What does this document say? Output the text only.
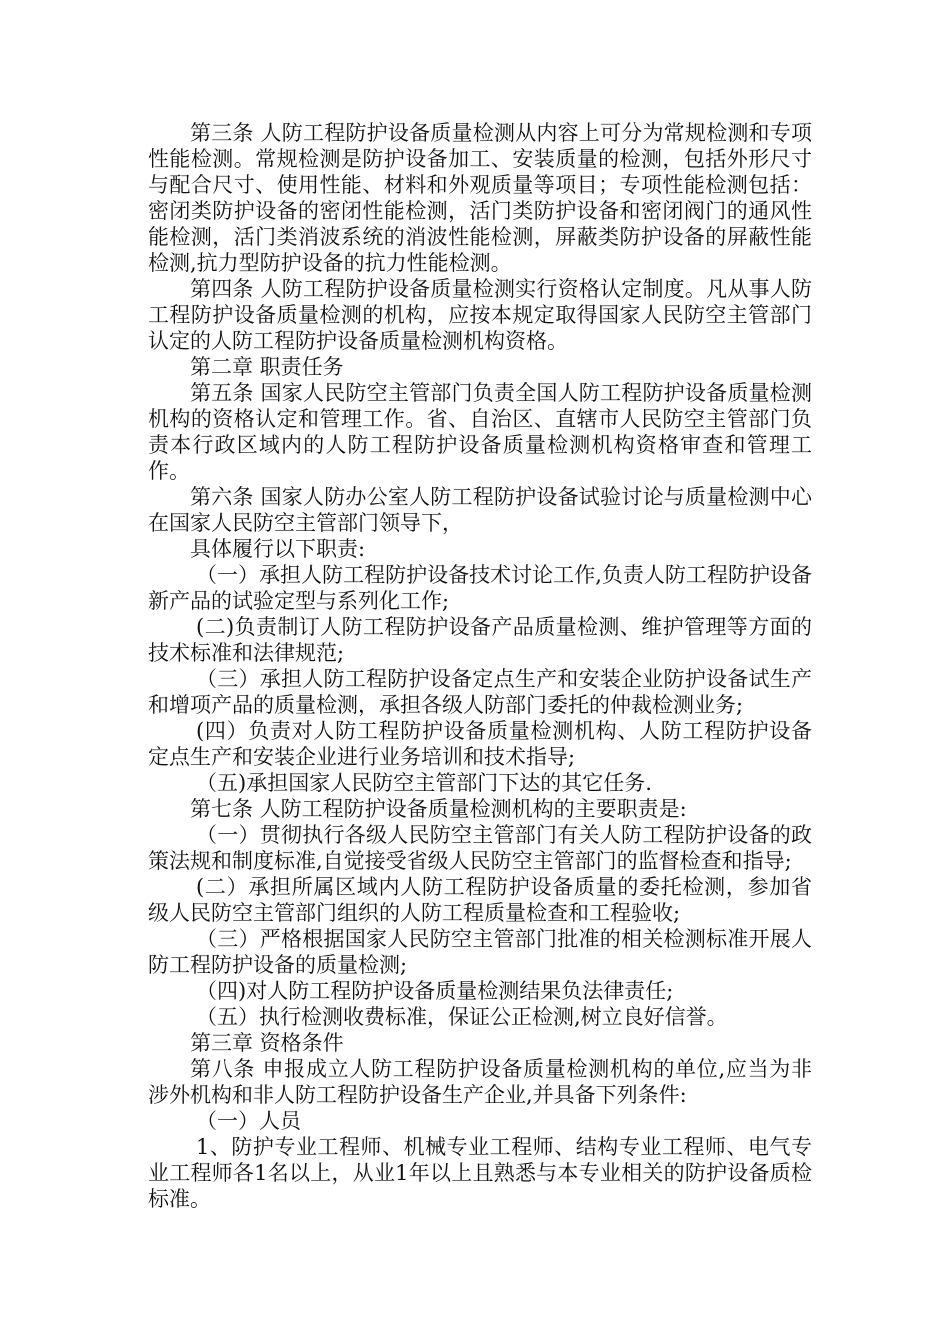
第三条 人防工程防护设备质量检测从内容上可分为常规检测和专项性能检测。常规检测是防护设备加工、安装质量的检测，包括外形尺寸与配合尺寸、使用性能、材料和外观质量等项目；专项性能检测包括：密闭类防护设备的密闭性能检测，活门类防护设备和密闭阀门的通风性能检测，活门类消波系统的消波性能检测，屏蔽类防护设备的屏蔽性能检测,抗力型防护设备的抗力性能检测。

第四条 人防工程防护设备质量检测实行资格认定制度。凡从事人防工程防护设备质量检测的机构，应按本规定取得国家人民防空主管部门认定的人防工程防护设备质量检测机构资格。

第二章 职责任务

第五条 国家人民防空主管部门负责全国人防工程防护设备质量检测机构的资格认定和管理工作。省、自治区、直辖市人民防空主管部门负责本行政区域内的人防工程防护设备质量检测机构资格审查和管理工作。

第六条 国家人防办公室人防工程防护设备试验讨论与质量检测中心在国家人民防空主管部门领导下，

具体履行以下职责:

（一）承担人防工程防护设备技术讨论工作,负责人防工程防护设备新产品的试验定型与系列化工作;

(二)负责制订人防工程防护设备产品质量检测、维护管理等方面的技术标准和法律规范;

（三）承担人防工程防护设备定点生产和安装企业防护设备试生产和增项产品的质量检测，承担各级人防部门委托的仲裁检测业务;

(四）负责对人防工程防护设备质量检测机构、人防工程防护设备定点生产和安装企业进行业务培训和技术指导;

（五)承担国家人民防空主管部门下达的其它任务.

第七条 人防工程防护设备质量检测机构的主要职责是:

（一）贯彻执行各级人民防空主管部门有关人防工程防护设备的政策法规和制度标准,自觉接受省级人民防空主管部门的监督检查和指导;

(二）承担所属区域内人防工程防护设备质量的委托检测，参加省级人民防空主管部门组织的人防工程质量检查和工程验收;

（三）严格根据国家人民防空主管部门批准的相关检测标准开展人防工程防护设备的质量检测;

（四)对人防工程防护设备质量检测结果负法律责任;

（五）执行检测收费标准，保证公正检测,树立良好信誉。

第三章 资格条件

第八条 申报成立人防工程防护设备质量检测机构的单位,应当为非涉外机构和非人防工程防护设备生产企业,并具备下列条件:

（一）人员

1、防护专业工程师、机械专业工程师、结构专业工程师、电气专业工程师各1名以上，从业1年以上且熟悉与本专业相关的防护设备质检标准。
